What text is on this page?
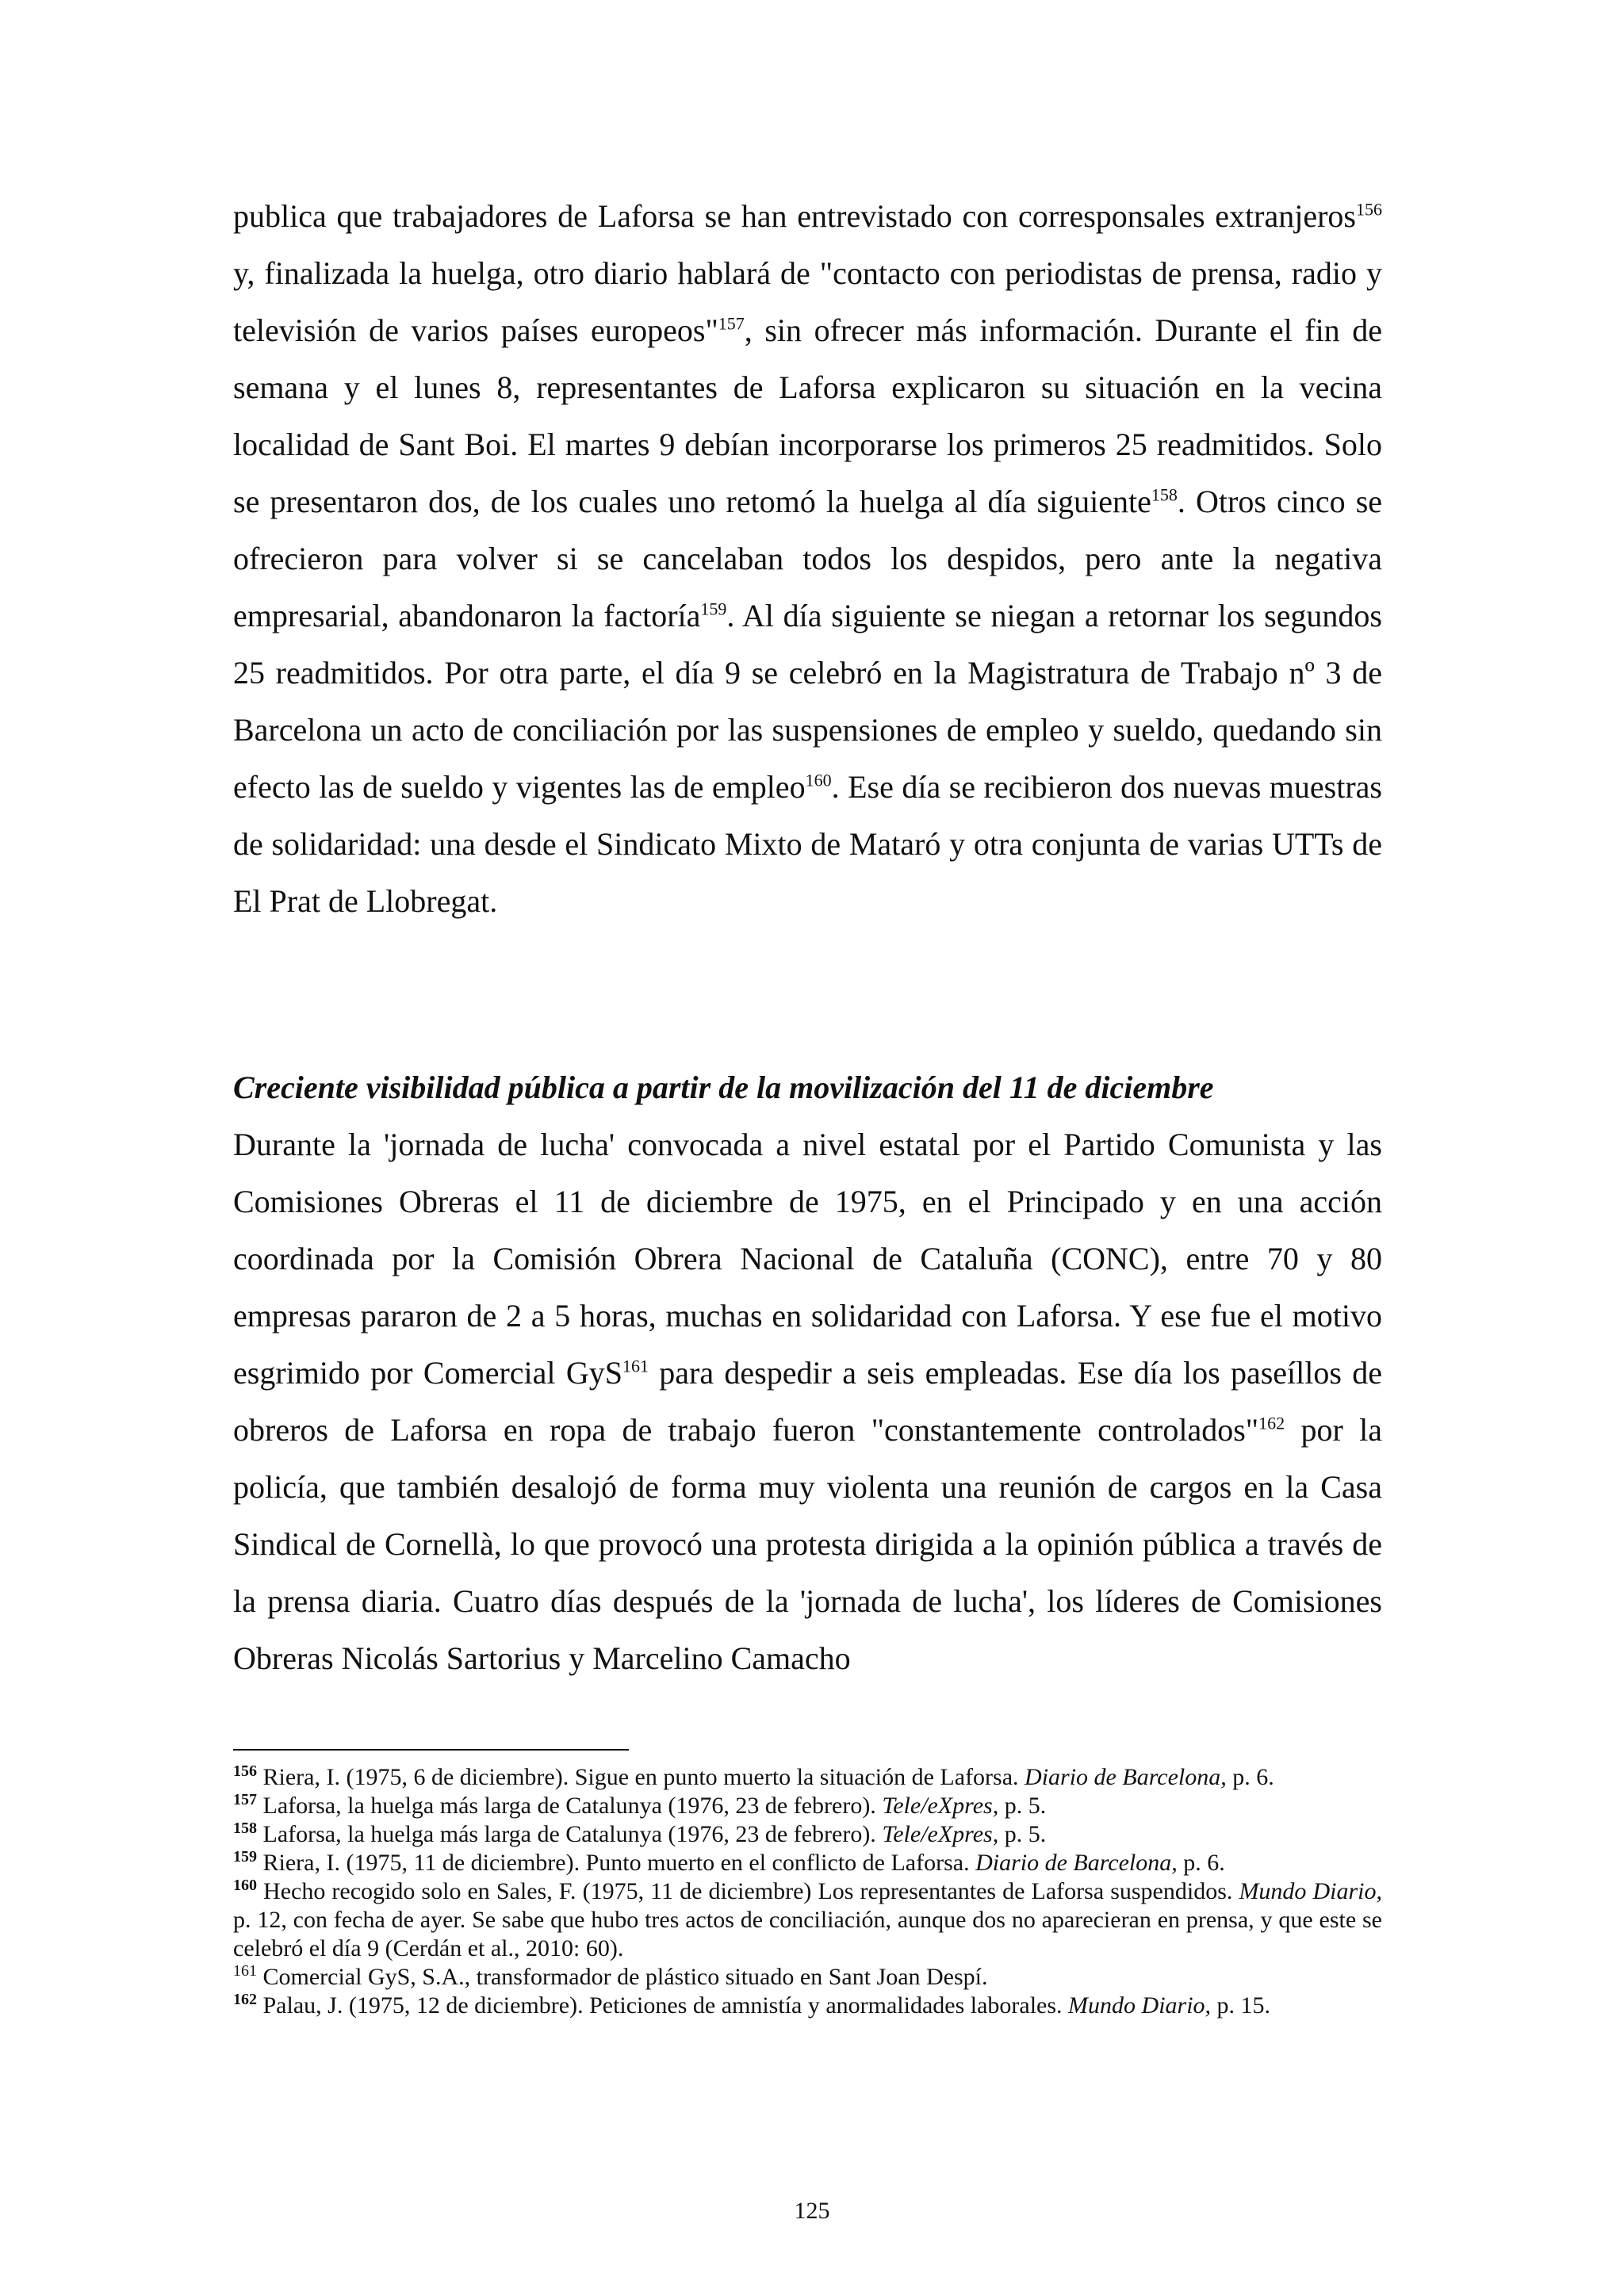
publica que trabajadores de Laforsa se han entrevistado con corresponsales extranjeros$^{156}$ y, finalizada la huelga, otro diario hablará de "contacto con periodistas de prensa, radio y televisión de varios países europeos"$^{157}$, sin ofrecer más información. Durante el fin de semana y el lunes 8, representantes de Laforsa explicaron su situación en la vecina localidad de Sant Boi. El martes 9 debían incorporarse los primeros 25 readmitidos. Solo se presentaron dos, de los cuales uno retomó la huelga al día siguiente$^{158}$. Otros cinco se ofrecieron para volver si se cancelaban todos los despidos, pero ante la negativa empresarial, abandonaron la factoría$^{159}$. Al día siguiente se niegan a retornar los segundos 25 readmitidos. Por otra parte, el día 9 se celebró en la Magistratura de Trabajo nº 3 de Barcelona un acto de conciliación por las suspensiones de empleo y sueldo, quedando sin efecto las de sueldo y vigentes las de empleo$^{160}$. Ese día se recibieron dos nuevas muestras de solidaridad: una desde el Sindicato Mixto de Mataró y otra conjunta de varias UTTs de El Prat de Llobregat.

Creciente visibilidad pública a partir de la movilización del 11 de diciembre

Durante la 'jornada de lucha' convocada a nivel estatal por el Partido Comunista y las Comisiones Obreras el 11 de diciembre de 1975, en el Principado y en una acción coordinada por la Comisión Obrera Nacional de Cataluña (CONC), entre 70 y 80 empresas pararon de 2 a 5 horas, muchas en solidaridad con Laforsa. Y ese fue el motivo esgrimido por Comercial GyS$^{161}$ para despedir a seis empleadas. Ese día los paseíllos de obreros de Laforsa en ropa de trabajo fueron "constantemente controlados"$^{162}$ por la policía, que también desalojó de forma muy violenta una reunión de cargos en la Casa Sindical de Cornellà, lo que provocó una protesta dirigida a la opinión pública a través de la prensa diaria. Cuatro días después de la 'jornada de lucha', los líderes de Comisiones Obreras Nicolás Sartorius y Marcelino Camacho

$^{156}$ Riera, I. (1975, 6 de diciembre). Sigue en punto muerto la situación de Laforsa. Diario de Barcelona, p. 6.

$^{157}$ Laforsa, la huelga más larga de Catalunya (1976, 23 de febrero). Tele/eXpres, p. 5.

$^{158}$ Laforsa, la huelga más larga de Catalunya (1976, 23 de febrero). Tele/eXpres, p. 5.

$^{159}$ Riera, I. (1975, 11 de diciembre). Punto muerto en el conflicto de Laforsa. Diario de Barcelona, p. 6.

$^{160}$ Hecho recogido solo en Sales, F. (1975, 11 de diciembre) Los representantes de Laforsa suspendidos. Mundo Diario, p. 12, con fecha de ayer. Se sabe que hubo tres actos de conciliación, aunque dos no aparecieran en prensa, y que este se celebró el día 9 (Cerdán et al., 2010: 60).

$^{161}$ Comercial GyS, S.A., transformador de plástico situado en Sant Joan Despí.

$^{162}$ Palau, J. (1975, 12 de diciembre). Peticiones de amnistía y anormalidades laborales. Mundo Diario, p. 15.

125
